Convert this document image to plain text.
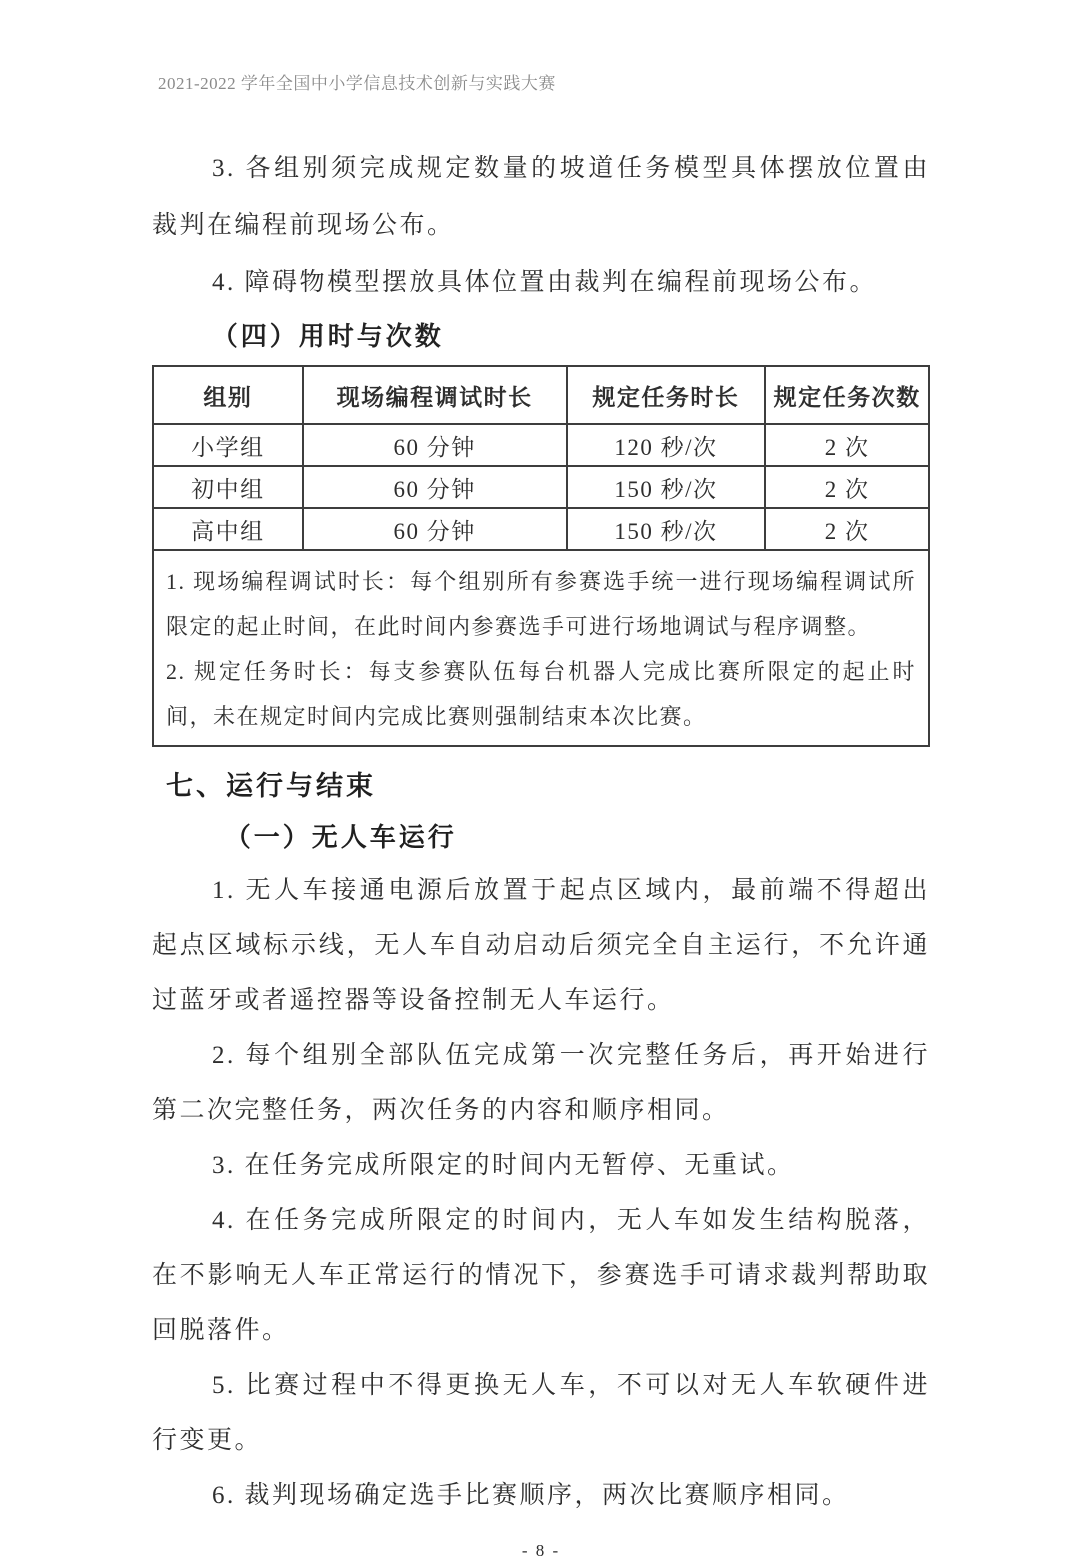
2021-2022 学年全国中小学信息技术创新与实践大赛

3. 各组别须完成规定数量的坡道任务模型具体摆放位置由裁判在编程前现场公布。

4. 障碍物模型摆放具体位置由裁判在编程前现场公布。

（四）用时与次数
组别	现场编程调试时长	规定任务时长	规定任务次数
小学组	60 分钟	120 秒/次	2 次
初中组	60 分钟	150 秒/次	2 次
高中组	60 分钟	150 秒/次	2 次

1. 现场编程调试时长：每个组别所有参赛选手统一进行现场编程调试所限定的起止时间，在此时间内参赛选手可进行场地调试与程序调整。

2. 规定任务时长：每支参赛队伍每台机器人完成比赛所限定的起止时间，未在规定时间内完成比赛则强制结束本次比赛。			

七、运行与结束
（一）无人车运行

1. 无人车接通电源后放置于起点区域内，最前端不得超出起点区域标示线，无人车自动启动后须完全自主运行，不允许通过蓝牙或者遥控器等设备控制无人车运行。

2. 每个组别全部队伍完成第一次完整任务后，再开始进行第二次完整任务，两次任务的内容和顺序相同。

3. 在任务完成所限定的时间内无暂停、无重试。

4. 在任务完成所限定的时间内，无人车如发生结构脱落，在不影响无人车正常运行的情况下，参赛选手可请求裁判帮助取回脱落件。

5. 比赛过程中不得更换无人车，不可以对无人车软硬件进行变更。

6. 裁判现场确定选手比赛顺序，两次比赛顺序相同。

- 8 -
